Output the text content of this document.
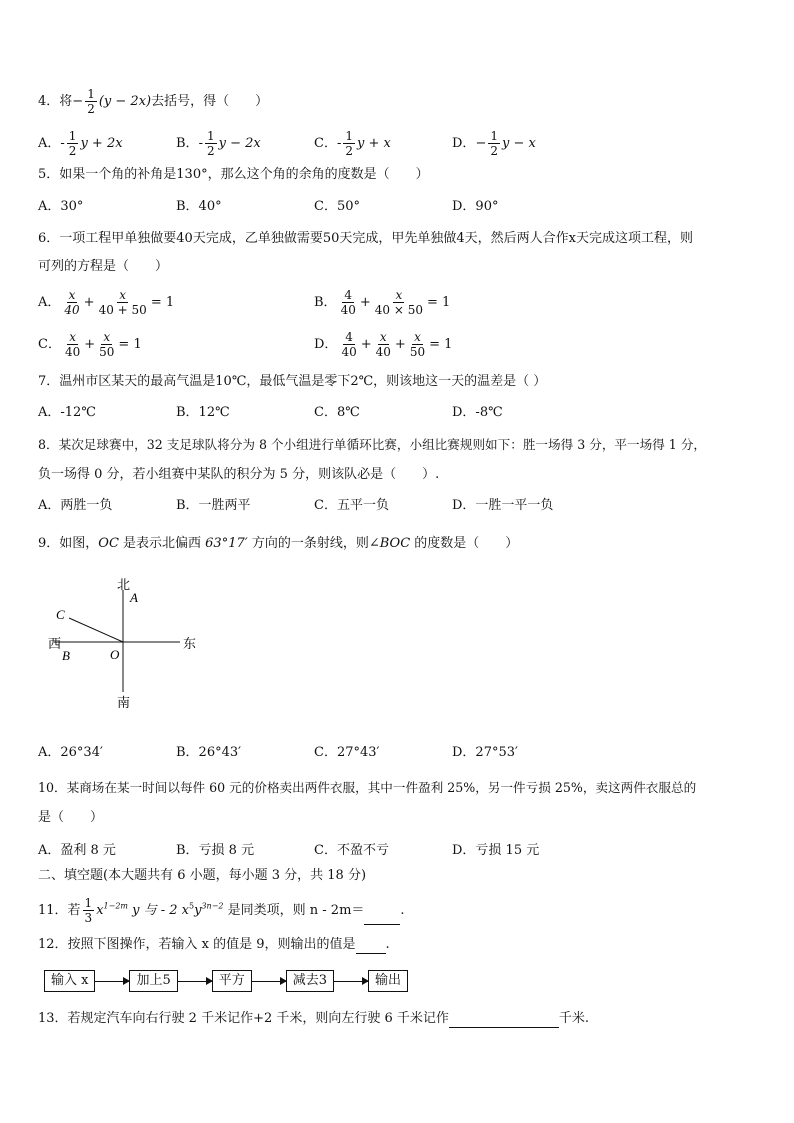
4．将− $\frac{1}{2} (y - 2x)$去括号，得（　　）
A．- $\frac{1}{2}$ y + 2x	B．- $\frac{1}{2}$ y − 2x	C．- $\frac{1}{2}$ y + x	D．− $\frac{1}{2}$ y − x
5．如果一个角的补角是130°，那么这个角的余角的度数是（　　）
A．30°	B．40°	C．50°	D．90°
6．一项工程甲单独做要40天完成，乙单独做需要50天完成，甲先单独做4天，然后两人合作x天完成这项工程，则
可列的方程是（　　）
A． $\frac{x}{40} + \frac{x}{40 + 50} = 1$	B． $\frac{4}{40} + \frac{x}{40 \times 50} = 1$
C． $\frac{x}{40} + \frac{x}{50} = 1$	D． $\frac{4}{40} + \frac{x}{40} + \frac{x}{50} = 1$
7．温州市区某天的最高气温是10℃，最低气温是零下2℃，则该地这一天的温差是（ ）
A．-12℃	B．12℃	C．8℃	D．-8℃
8．某次足球赛中，32 支足球队将分为 8 个小组进行单循环比赛，小组比赛规则如下：胜一场得 3 分，平一场得 1 分，
负一场得 0 分，若小组赛中某队的积分为 5 分，则该队必是（　　）.
A．两胜一负	B．一胜两平	C．五平一负	D．一胜一平一负
9．如图，OC 是表示北偏西 63°17′ 方向的一条射线，则∠BOC 的度数是（　　）
北
A
C
西
B	O
东
南
A．26°34′	B．26°43′	C．27°43′	D．27°53′
10．某商场在某一时间以每件 60 元的价格卖出两件衣服，其中一件盈利 25%，另一件亏损 25%，卖这两件衣服总的
是（　　）
A．盈利 8 元	B．亏损 8 元	C．不盈不亏	D．亏损 15 元
二、填空题(本大题共有 6 小题，每小题 3 分，共 18 分)
11．若 $\frac{1}{3} x^{1-2m}$ y 与 - 2 $x^5y^{3n-2}$ 是同类项，则 n - 2m＝	.
12．按照下图操作，若输入 x 的值是 9，则输出的值是 .
输入 x	加上5	平方	减去3	输出
13．若规定汽车向右行驶 2 千米记作+2 千米，则向左行驶 6 千米记作	千米.
